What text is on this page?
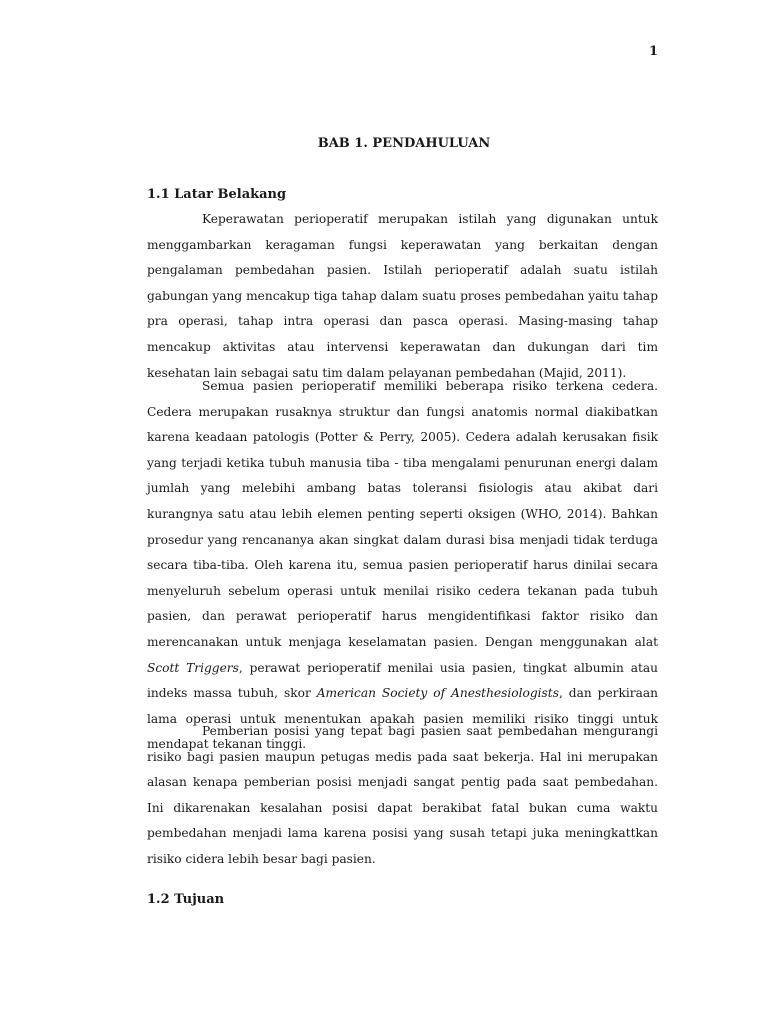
1
BAB 1. PENDAHULUAN
1.1 Latar Belakang

Keperawatan perioperatif merupakan istilah yang digunakan untuk menggambarkan keragaman fungsi keperawatan yang berkaitan dengan pengalaman pembedahan pasien. Istilah perioperatif adalah suatu istilah gabungan yang mencakup tiga tahap dalam suatu proses pembedahan yaitu tahap pra operasi, tahap intra operasi dan pasca operasi. Masing-masing tahap mencakup aktivitas atau intervensi keperawatan dan dukungan dari tim kesehatan lain sebagai satu tim dalam pelayanan pembedahan (Majid, 2011).

Semua pasien perioperatif memiliki beberapa risiko terkena cedera. Cedera merupakan rusaknya struktur dan fungsi anatomis normal diakibatkan karena keadaan patologis (Potter & Perry, 2005). Cedera adalah kerusakan fisik yang terjadi ketika tubuh manusia tiba - tiba mengalami penurunan energi dalam jumlah yang melebihi ambang batas toleransi fisiologis atau akibat dari kurangnya satu atau lebih elemen penting seperti oksigen (WHO, 2014). Bahkan prosedur yang rencananya akan singkat dalam durasi bisa menjadi tidak terduga secara tiba-tiba. Oleh karena itu, semua pasien perioperatif harus dinilai secara menyeluruh sebelum operasi untuk menilai risiko cedera tekanan pada tubuh pasien, dan perawat perioperatif harus mengidentifikasi faktor risiko dan merencanakan untuk menjaga keselamatan pasien. Dengan menggunakan alat Scott Triggers, perawat perioperatif menilai usia pasien, tingkat albumin atau indeks massa tubuh, skor American Society of Anesthesiologists, dan perkiraan lama operasi untuk menentukan apakah pasien memiliki risiko tinggi untuk mendapat tekanan tinggi.

Pemberian posisi yang tepat bagi pasien saat pembedahan mengurangi risiko bagi pasien maupun petugas medis pada saat bekerja. Hal ini merupakan alasan kenapa pemberian posisi menjadi sangat pentig pada saat pembedahan. Ini dikarenakan kesalahan posisi dapat berakibat fatal bukan cuma waktu pembedahan menjadi lama karena posisi yang susah tetapi juka meningkattkan risiko cidera lebih besar bagi pasien.

1.2 Tujuan
